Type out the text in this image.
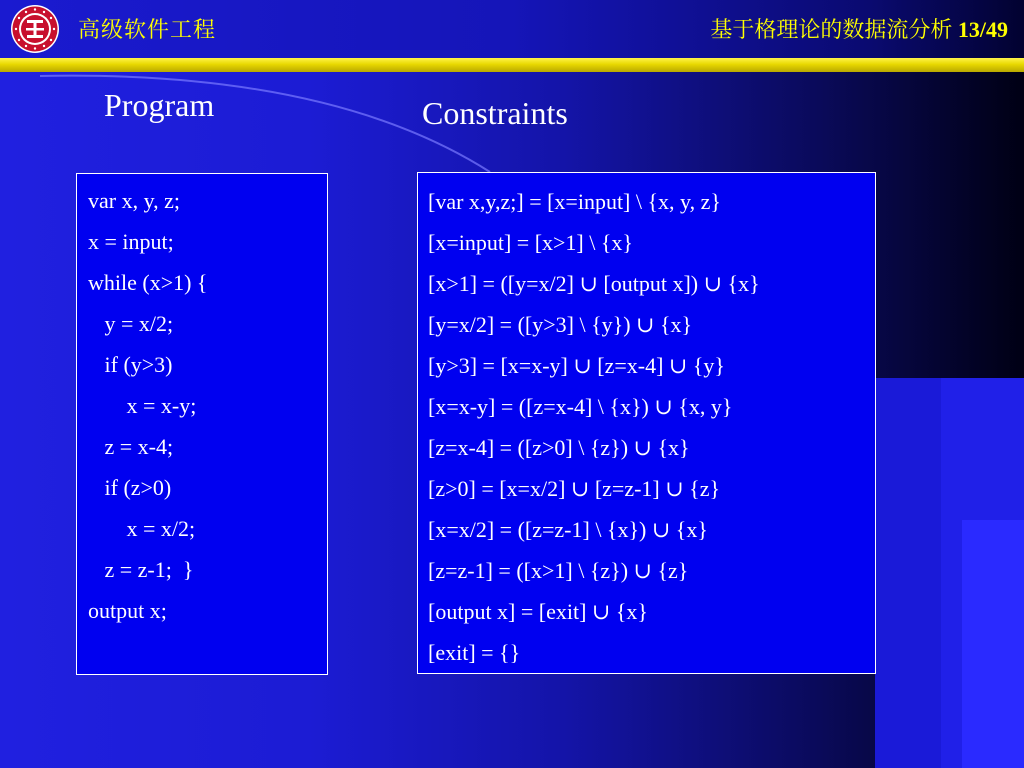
高级软件工程	基于格理论的数据流分析 13/49
Program	Constraints
var x, y, z;
x = input;
while (x>1) {
y = x/2;
if (y>3)
x = x-y;
z = x-4;
if (z>0)
x = x/2;
z = z-1;  }
output x;
[var x,y,z;] = [x=input] \ {x, y, z}
[x=input] = [x>1] \ {x}
[x>1] = ([y=x/2] ∪ [output x]) ∪ {x}
[y=x/2] = ([y>3] \ {y}) ∪ {x}
[y>3] = [x=x-y] ∪ [z=x-4] ∪ {y}
[x=x-y] = ([z=x-4] \ {x}) ∪ {x, y}
[z=x-4] = ([z>0] \ {z}) ∪ {x}
[z>0] = [x=x/2] ∪ [z=z-1] ∪ {z}
[x=x/2] = ([z=z-1] \ {x}) ∪ {x}
[z=z-1] = ([x>1] \ {z}) ∪ {z}
[output x] = [exit] ∪ {x}
[exit] = {}
